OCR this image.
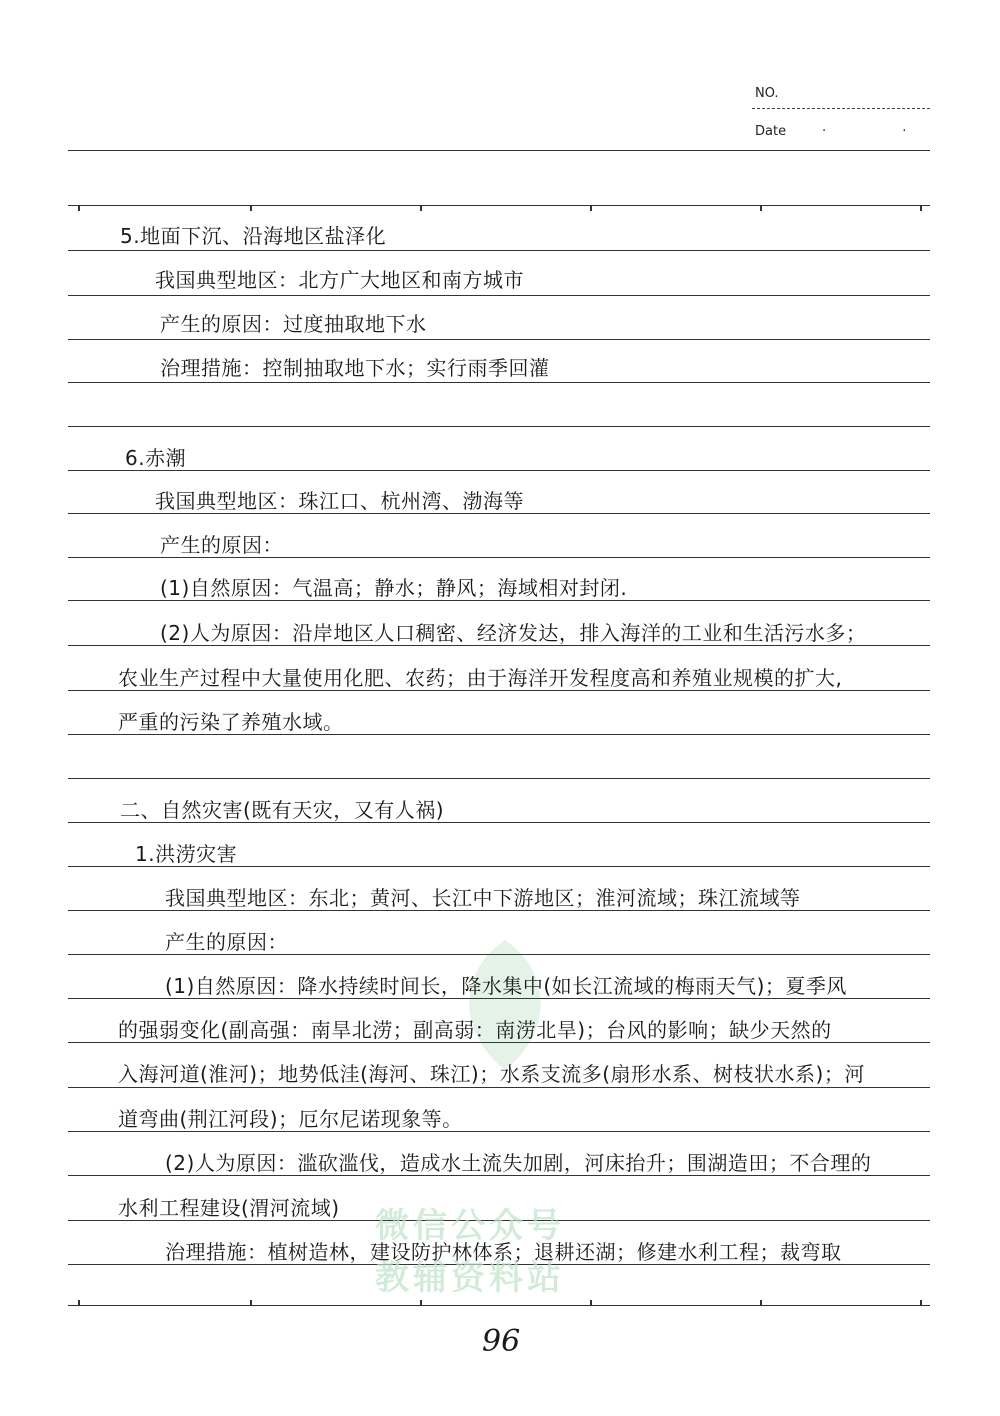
NO.
Date	· ·
微信公众号
教辅资料站
5.地面下沉、沿海地区盐泽化
我国典型地区：北方广大地区和南方城市
产生的原因：过度抽取地下水
治理措施：控制抽取地下水；实行雨季回灌
6.赤潮
我国典型地区：珠江口、杭州湾、渤海等
产生的原因：
(1)自然原因：气温高；静水；静风；海域相对封闭.
(2)人为原因：沿岸地区人口稠密、经济发达，排入海洋的工业和生活污水多；
农业生产过程中大量使用化肥、农药；由于海洋开发程度高和养殖业规模的扩大,
严重的污染了养殖水域。
二、自然灾害(既有天灾，又有人祸)
1.洪涝灾害
我国典型地区：东北；黄河、长江中下游地区；淮河流域；珠江流域等
产生的原因：
(1)自然原因：降水持续时间长，降水集中(如长江流域的梅雨天气)；夏季风
的强弱变化(副高强：南旱北涝；副高弱：南涝北旱)；台风的影响；缺少天然的
入海河道(淮河)；地势低洼(海河、珠江)；水系支流多(扇形水系、树枝状水系)；河
道弯曲(荆江河段)；厄尔尼诺现象等。
(2)人为原因：滥砍滥伐，造成水土流失加剧，河床抬升；围湖造田；不合理的
水利工程建设(渭河流域)
治理措施：植树造林，建设防护林体系；退耕还湖；修建水利工程；裁弯取
96
